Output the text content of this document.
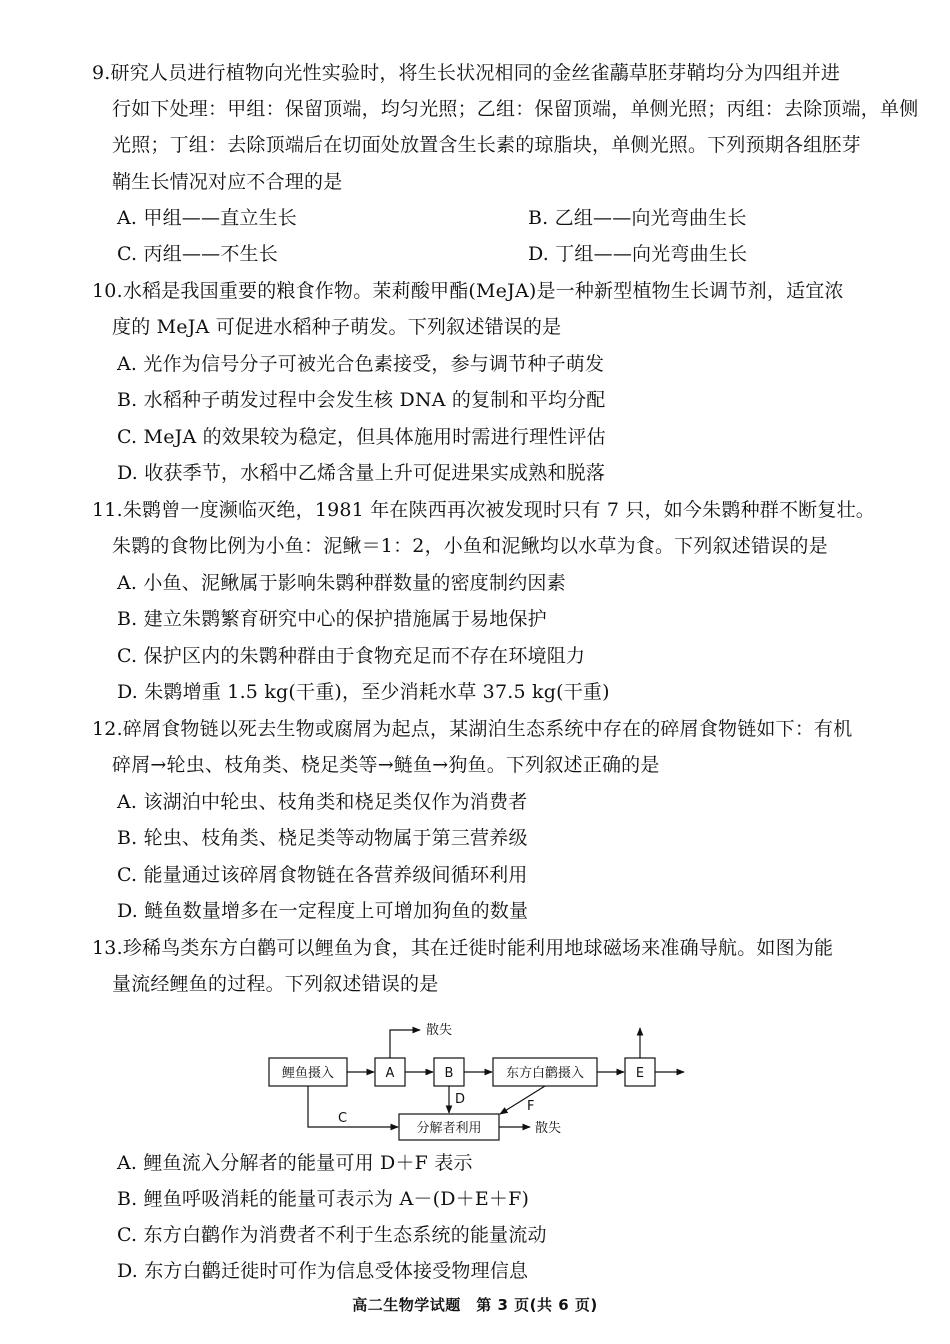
9.研究人员进行植物向光性实验时，将生长状况相同的金丝雀虉草胚芽鞘均分为四组并进
行如下处理：甲组：保留顶端，均匀光照；乙组：保留顶端，单侧光照；丙组：去除顶端，单侧
光照；丁组：去除顶端后在切面处放置含生长素的琼脂块，单侧光照。下列预期各组胚芽
鞘生长情况对应不合理的是
A. 甲组——直立生长	B. 乙组——向光弯曲生长
C. 丙组——不生长	D. 丁组——向光弯曲生长
10.水稻是我国重要的粮食作物。茉莉酸甲酯(MeJA)是一种新型植物生长调节剂，适宜浓
度的 MeJA 可促进水稻种子萌发。下列叙述错误的是
A. 光作为信号分子可被光合色素接受，参与调节种子萌发
B. 水稻种子萌发过程中会发生核 DNA 的复制和平均分配
C. MeJA 的效果较为稳定，但具体施用时需进行理性评估
D. 收获季节，水稻中乙烯含量上升可促进果实成熟和脱落
11.朱鹮曾一度濒临灭绝，1981 年在陕西再次被发现时只有 7 只，如今朱鹮种群不断复壮。
朱鹮的食物比例为小鱼：泥鳅＝1：2，小鱼和泥鳅均以水草为食。下列叙述错误的是
A. 小鱼、泥鳅属于影响朱鹮种群数量的密度制约因素
B. 建立朱鹮繁育研究中心的保护措施属于易地保护
C. 保护区内的朱鹮种群由于食物充足而不存在环境阻力
D. 朱鹮增重 1.5 kg(干重)，至少消耗水草 37.5 kg(干重)
12.碎屑食物链以死去生物或腐屑为起点，某湖泊生态系统中存在的碎屑食物链如下：有机
碎屑→轮虫、枝角类、桡足类等→鲢鱼→狗鱼。下列叙述正确的是
A. 该湖泊中轮虫、枝角类和桡足类仅作为消费者
B. 轮虫、枝角类、桡足类等动物属于第三营养级
C. 能量通过该碎屑食物链在各营养级间循环利用
D. 鲢鱼数量增多在一定程度上可增加狗鱼的数量
13.珍稀鸟类东方白鹳可以鲤鱼为食，其在迁徙时能利用地球磁场来准确导航。如图为能
量流经鲤鱼的过程。下列叙述错误的是
鲤鱼摄入	A	B	东方白鹳摄入	E
分解者利用
散失
散失
C
D	F
A. 鲤鱼流入分解者的能量可用 D＋F 表示
B. 鲤鱼呼吸消耗的能量可表示为 A－(D＋E＋F)
C. 东方白鹳作为消费者不利于生态系统的能量流动
D. 东方白鹳迁徙时可作为信息受体接受物理信息
高二生物学试题　第 3 页(共 6 页)
